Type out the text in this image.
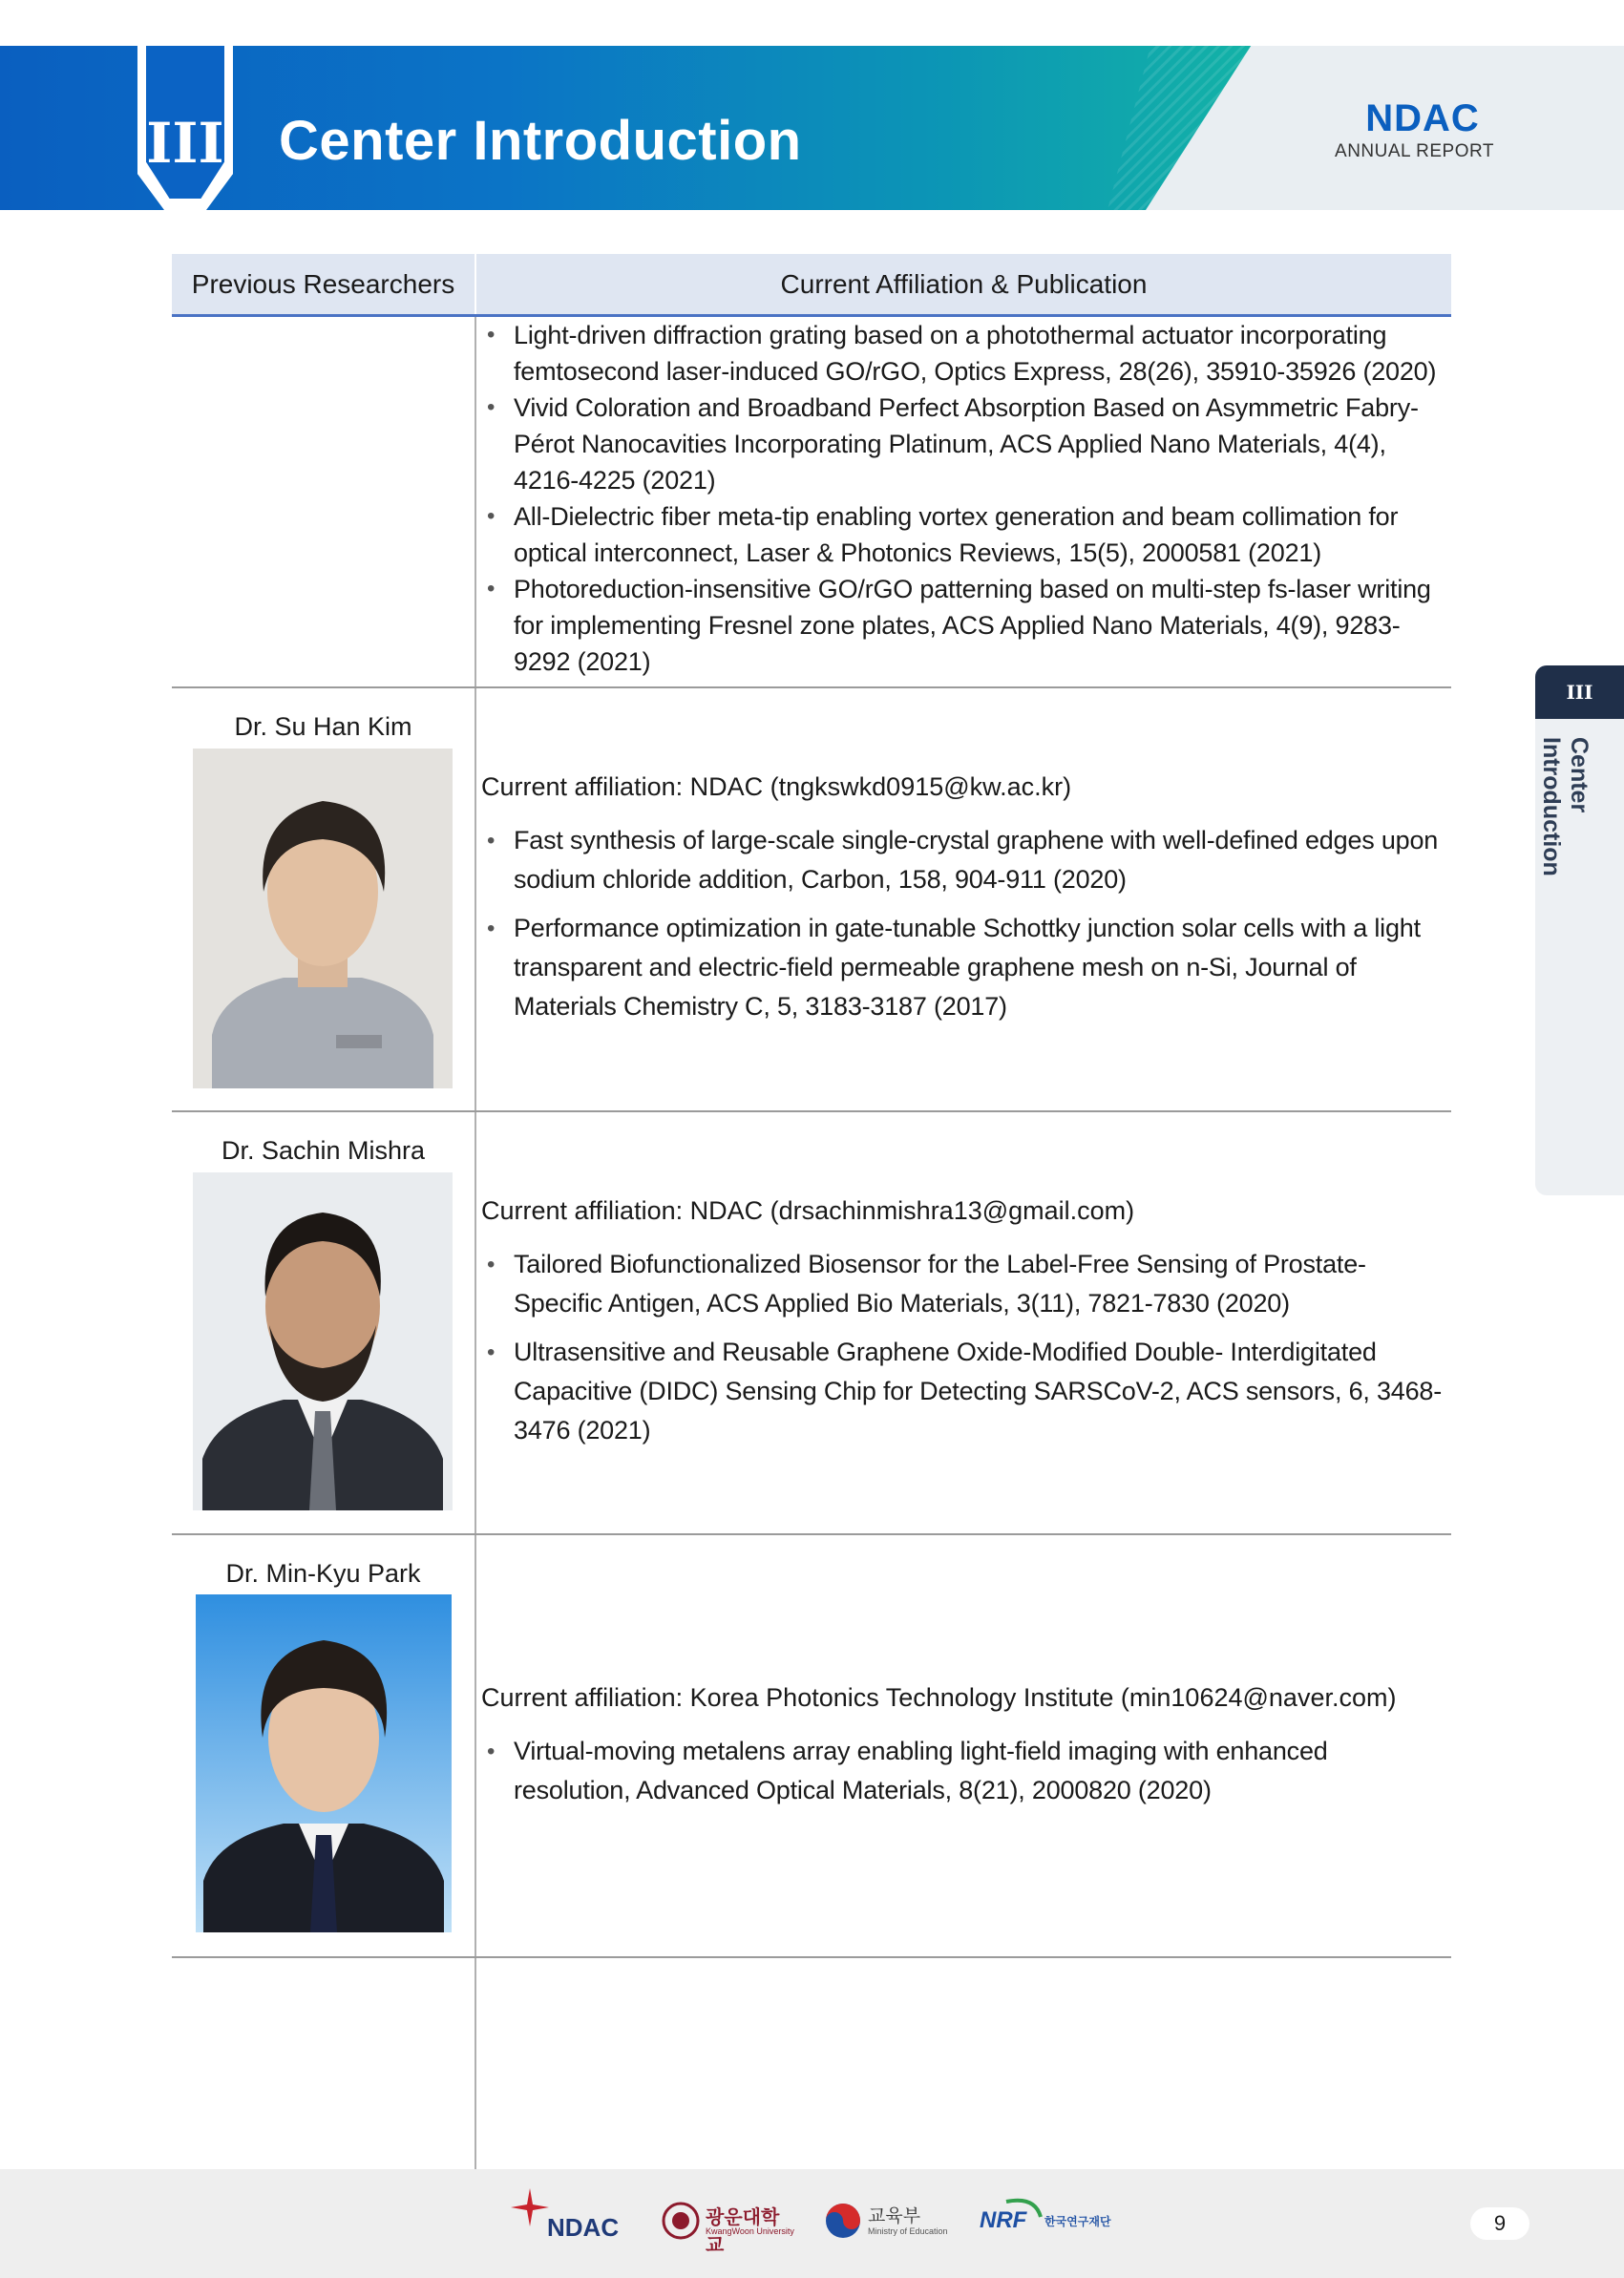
III Center Introduction	NDAC
ANNUAL REPORT
III
Center Introduction
Previous Researchers	Current Affiliation & Publication
• Light-driven diffraction grating based on a photothermal actuator incorporating femtosecond laser-induced GO/rGO, Optics Express, 28(26), 35910-35926 (2020)
• Vivid Coloration and Broadband Perfect Absorption Based on Asymmetric Fabry-Pérot Nanocavities Incorporating Platinum, ACS Applied Nano Materials, 4(4), 4216-4225 (2021)
• All-Dielectric fiber meta-tip enabling vortex generation and beam collimation for optical interconnect, Laser & Photonics Reviews, 15(5), 2000581 (2021)
• Photoreduction-insensitive GO/rGO patterning based on multi-step fs-laser writing for implementing Fresnel zone plates, ACS Applied Nano Materials, 4(9), 9283-9292 (2021)
Dr. Su Han Kim
Current affiliation: NDAC (tngkswkd0915@kw.ac.kr)
• Fast synthesis of large-scale single-crystal graphene with well-defined edges upon sodium chloride addition, Carbon, 158, 904-911 (2020)
• Performance optimization in gate-tunable Schottky junction solar cells with a light transparent and electric-field permeable graphene mesh on n-Si, Journal of Materials Chemistry C, 5, 3183-3187 (2017)
Dr. Sachin Mishra
Current affiliation: NDAC (drsachinmishra13@gmail.com)
• Tailored Biofunctionalized Biosensor for the Label-Free Sensing of Prostate-Specific Antigen, ACS Applied Bio Materials, 3(11), 7821-7830 (2020)
• Ultrasensitive and Reusable Graphene Oxide-Modified Double- Interdigitated Capacitive (DIDC) Sensing Chip for Detecting SARSCoV-2, ACS sensors, 6, 3468-3476 (2021)
Dr. Min-Kyu Park
Current affiliation: Korea Photonics Technology Institute (min10624@naver.com)
• Virtual-moving metalens array enabling light-field imaging with enhanced resolution, Advanced Optical Materials, 8(21), 2000820 (2020)
NDAC	광운대학교
KwangWoon University
교육부
Ministry of Education NRF 한국연구재단	9
